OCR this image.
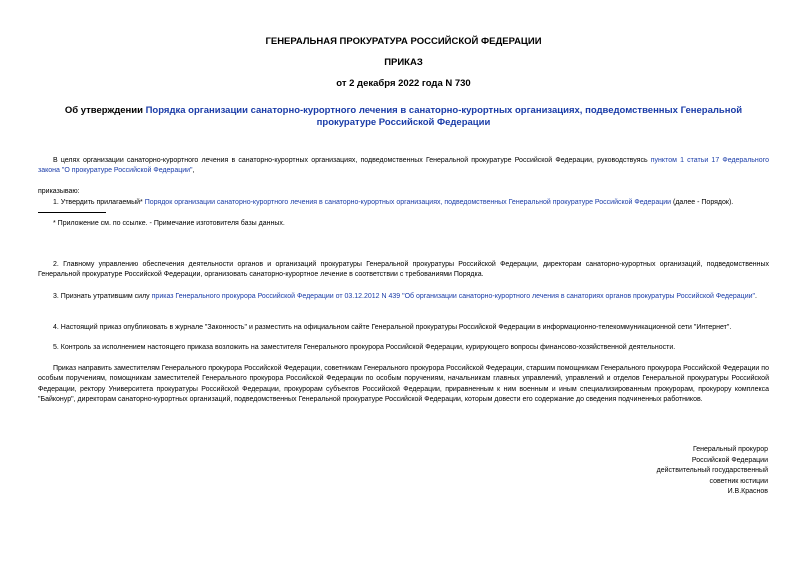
ГЕНЕРАЛЬНАЯ ПРОКУРАТУРА РОССИЙСКОЙ ФЕДЕРАЦИИ
ПРИКАЗ
от 2 декабря 2022 года N 730
Об утверждении Порядка организации санаторно-курортного лечения в санаторно-курортных организациях, подведомственных Генеральной прокуратуре Российской Федерации
В целях организации санаторно-курортного лечения в санаторно-курортных организациях, подведомственных Генеральной прокуратуре Российской Федерации, руководствуясь пунктом 1 статьи 17 Федерального закона "О прокуратуре Российской Федерации",
приказываю:
1. Утвердить прилагаемый* Порядок организации санаторно-курортного лечения в санаторно-курортных организациях, подведомственных Генеральной прокуратуре Российской Федерации (далее - Порядок).
* Приложение см. по ссылке. - Примечание изготовителя базы данных.
2. Главному управлению обеспечения деятельности органов и организаций прокуратуры Генеральной прокуратуры Российской Федерации, директорам санаторно-курортных организаций, подведомственных Генеральной прокуратуре Российской Федерации, организовать санаторно-курортное лечение в соответствии с требованиями Порядка.
3. Признать утратившим силу приказ Генерального прокурора Российской Федерации от 03.12.2012 N 439 "Об организации санаторно-курортного лечения в санаториях органов прокуратуры Российской Федерации".
4. Настоящий приказ опубликовать в журнале "Законность" и разместить на официальном сайте Генеральной прокуратуры Российской Федерации в информационно-телекоммуникационной сети "Интернет".
5. Контроль за исполнением настоящего приказа возложить на заместителя Генерального прокурора Российской Федерации, курирующего вопросы финансово-хозяйственной деятельности.
Приказ направить заместителям Генерального прокурора Российской Федерации, советникам Генерального прокурора Российской Федерации, старшим помощникам Генерального прокурора Российской Федерации по особым поручениям, помощникам заместителей Генерального прокурора Российской Федерации по особым поручениям, начальникам главных управлений, управлений и отделов Генеральной прокуратуры Российской Федерации, ректору Университета прокуратуры Российской Федерации, прокурорам субъектов Российской Федерации, приравненным к ним военным и иным специализированным прокурорам, прокурору комплекса "Байконур", директорам санаторно-курортных организаций, подведомственных Генеральной прокуратуре Российской Федерации, которым довести его содержание до сведения подчиненных работников.
Генеральный прокурор
Российской Федерации
действительный государственный
советник юстиции
И.В.Краснов
